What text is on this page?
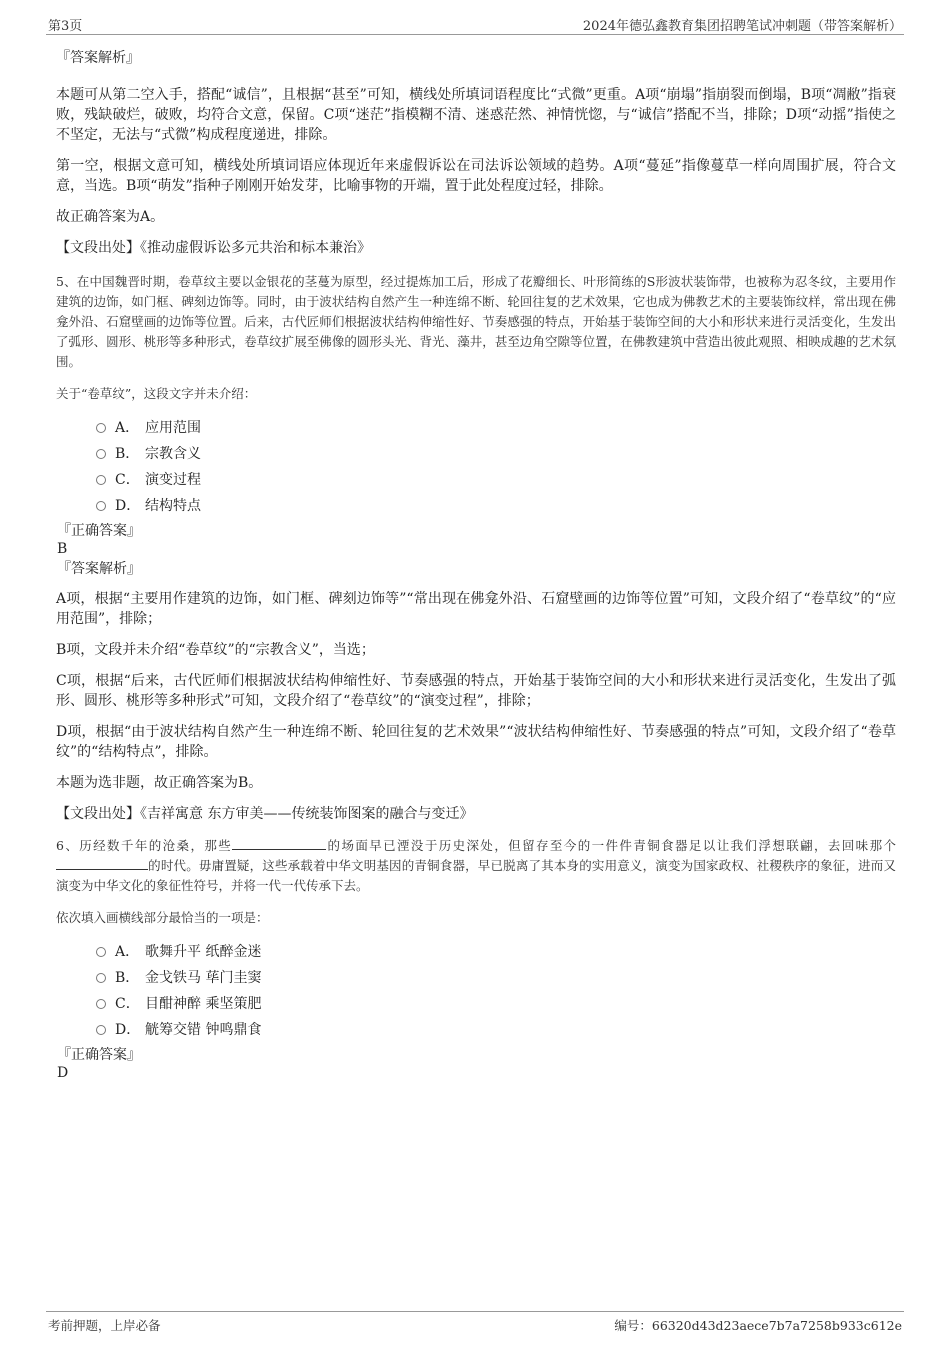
第3页	2024年德弘鑫教育集团招聘笔试冲刺题（带答案解析）

『答案解析』

本题可从第二空入手，搭配“诚信”，且根据“甚至”可知，横线处所填词语程度比“式微”更重。A项“崩塌”指崩裂而倒塌，B项“凋敝”指衰败，残缺破烂，破败，均符合文意，保留。C项“迷茫”指模糊不清、迷惑茫然、神情恍惚，与“诚信”搭配不当，排除；D项“动摇”指使之不坚定，无法与“式微”构成程度递进，排除。

第一空，根据文意可知，横线处所填词语应体现近年来虚假诉讼在司法诉讼领域的趋势。A项“蔓延”指像蔓草一样向周围扩展，符合文意，当选。B项“萌发”指种子刚刚开始发芽，比喻事物的开端，置于此处程度过轻，排除。

故正确答案为A。

【文段出处】《推动虚假诉讼多元共治和标本兼治》

5、在中国魏晋时期，卷草纹主要以金银花的茎蔓为原型，经过提炼加工后，形成了花瓣细长、叶形简练的S形波状装饰带，也被称为忍冬纹，主要用作建筑的边饰，如门框、碑刻边饰等。同时，由于波状结构自然产生一种连绵不断、轮回往复的艺术效果，它也成为佛教艺术的主要装饰纹样，常出现在佛龛外沿、石窟壁画的边饰等位置。后来，古代匠师们根据波状结构伸缩性好、节奏感强的特点，开始基于装饰空间的大小和形状来进行灵活变化，生发出了弧形、圆形、桃形等多种形式，卷草纹扩展至佛像的圆形头光、背光、藻井，甚至边角空隙等位置，在佛教建筑中营造出彼此观照、相映成趣的艺术氛围。

关于“卷草纹”，这段文字并未介绍：

A． 应用范围
B． 宗教含义
C． 演变过程
D． 结构特点

『正确答案』

B

『答案解析』

A项，根据“主要用作建筑的边饰，如门框、碑刻边饰等”“常出现在佛龛外沿、石窟壁画的边饰等位置”可知，文段介绍了“卷草纹”的“应用范围”，排除；

B项，文段并未介绍“卷草纹”的“宗教含义”，当选；

C项，根据“后来，古代匠师们根据波状结构伸缩性好、节奏感强的特点，开始基于装饰空间的大小和形状来进行灵活变化，生发出了弧形、圆形、桃形等多种形式”可知，文段介绍了“卷草纹”的“演变过程”，排除；

D项，根据“由于波状结构自然产生一种连绵不断、轮回往复的艺术效果”“波状结构伸缩性好、节奏感强的特点”可知，文段介绍了“卷草纹”的“结构特点”，排除。

本题为选非题，故正确答案为B。

【文段出处】《吉祥寓意 东方审美——传统装饰图案的融合与变迁》

6、历经数千年的沧桑，那些	的场面早已湮没于历史深处，但留存至今的一件件青铜食器足以让我们浮想联翩，去回味那个的时代。毋庸置疑，这些承载着中华文明基因的青铜食器，早已脱离了其本身的实用意义，演变为国家政权、社稷秩序的象征，进而又演变为中华文化的象征性符号，并将一代一代传承下去。

依次填入画横线部分最恰当的一项是：

A． 歌舞升平 纸醉金迷
B． 金戈铁马 荜门圭窦
C． 目酣神醉 乘坚策肥
D． 觥筹交错 钟鸣鼎食

『正确答案』

D

考前押题，上岸必备	编号：66320d43d23aece7b7a7258b933c612e
